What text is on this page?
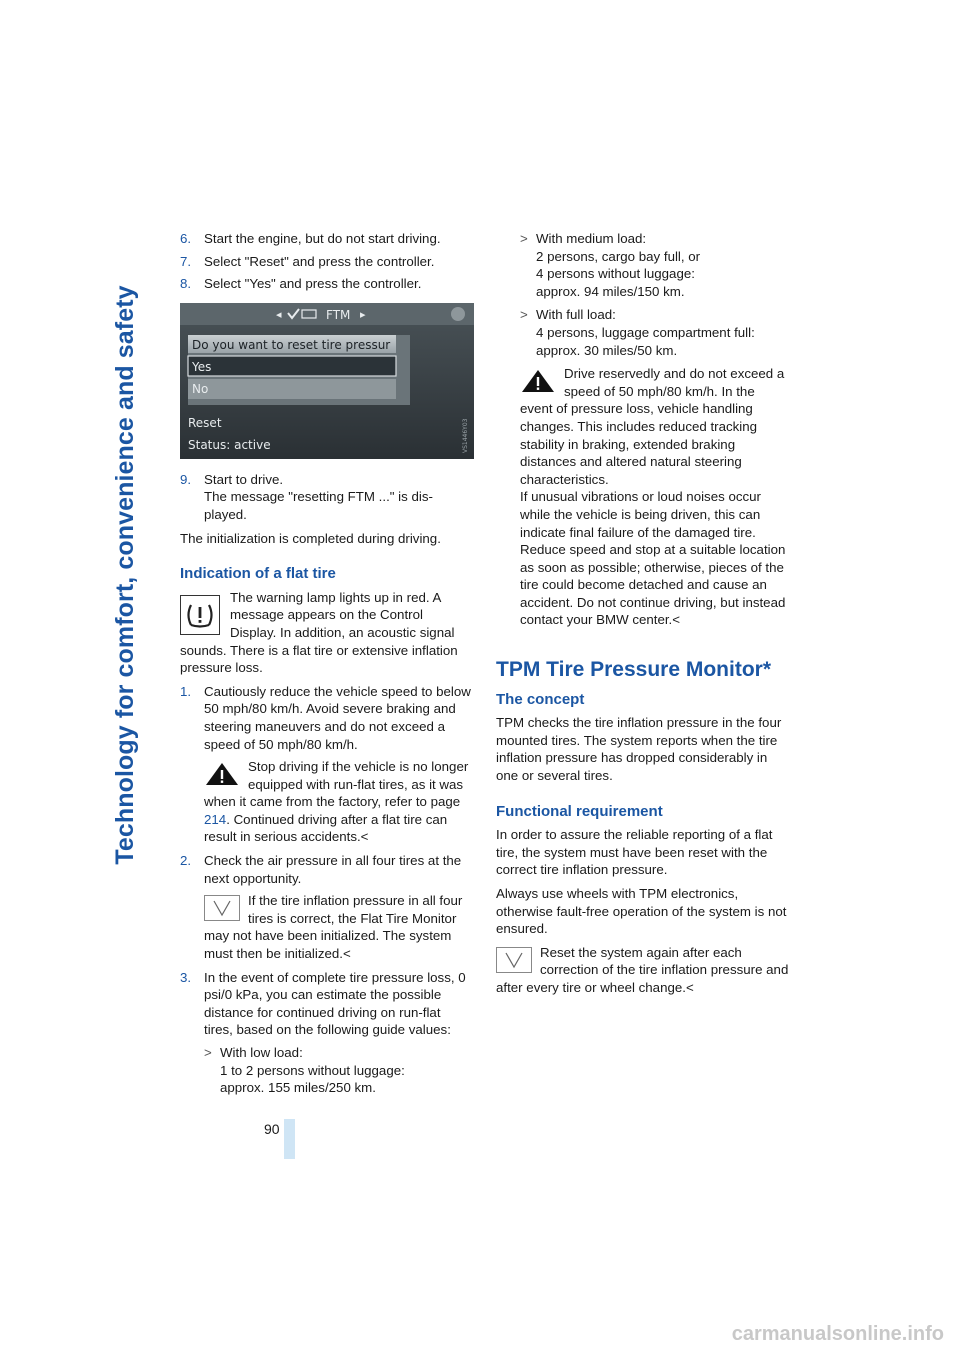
Technology for comfort, convenience and safety
6. Start the engine, but do not start driving.
7. Select "Reset" and press the controller.
8. Select "Yes" and press the controller.
◂	FTM ▸
Do you want to reset tire pressur
Yes
No
Reset
Status: active	VS1446Y03
9. Start to drive.
The message "resetting FTM ..." is dis-played.

The initialization is completed during driving.

Indication of a flat tire
The warning lamp lights up in red. A message appears on the Control Display. In addition, an acoustic signal sounds. There is a flat tire or extensive inflation pressure loss.
1. Cautiously reduce the vehicle speed to below 50 mph/80 km/h. Avoid severe braking and steering maneuvers and do not exceed a speed of 50 mph/80 km/h.
Stop driving if the vehicle is no longer equipped with run-flat tires, as it was when it came from the factory, refer to page 214. Continued driving after a flat tire can result in serious accidents.<
2. Check the air pressure in all four tires at the next opportunity.
If the tire inflation pressure in all four tires is correct, the Flat Tire Monitor may not have been initialized. The system must then be initialized.<
3. In the event of complete tire pressure loss, 0 psi/0 kPa, you can estimate the possible distance for continued driving on run-flat tires, based on the following guide values:
> With low load:
1 to 2 persons without luggage:
approx. 155 miles/250 km.
> With medium load:
2 persons, cargo bay full, or
4 persons without luggage:
approx. 94 miles/150 km.
> With full load:
4 persons, luggage compartment full:
approx. 30 miles/50 km.
Drive reservedly and do not exceed a speed of 50 mph/80 km/h. In the event of pressure loss, vehicle handling changes. This includes reduced tracking stability in braking, extended braking distances and altered natural steering characteristics.

If unusual vibrations or loud noises occur while the vehicle is being driven, this can indicate final failure of the damaged tire. Reduce speed and stop at a suitable location as soon as possible; otherwise, pieces of the tire could become detached and cause an accident. Do not continue driving, but instead contact your BMW center.<

TPM Tire Pressure Monitor*
The concept

TPM checks the tire inflation pressure in the four mounted tires. The system reports when the tire inflation pressure has dropped considerably in one or several tires.

Functional requirement

In order to assure the reliable reporting of a flat tire, the system must have been reset with the correct tire inflation pressure.

Always use wheels with TPM electronics, otherwise fault-free operation of the system is not ensured.

Reset the system again after each correction of the tire inflation pressure and after every tire or wheel change.<
90
carmanualsonline.info
